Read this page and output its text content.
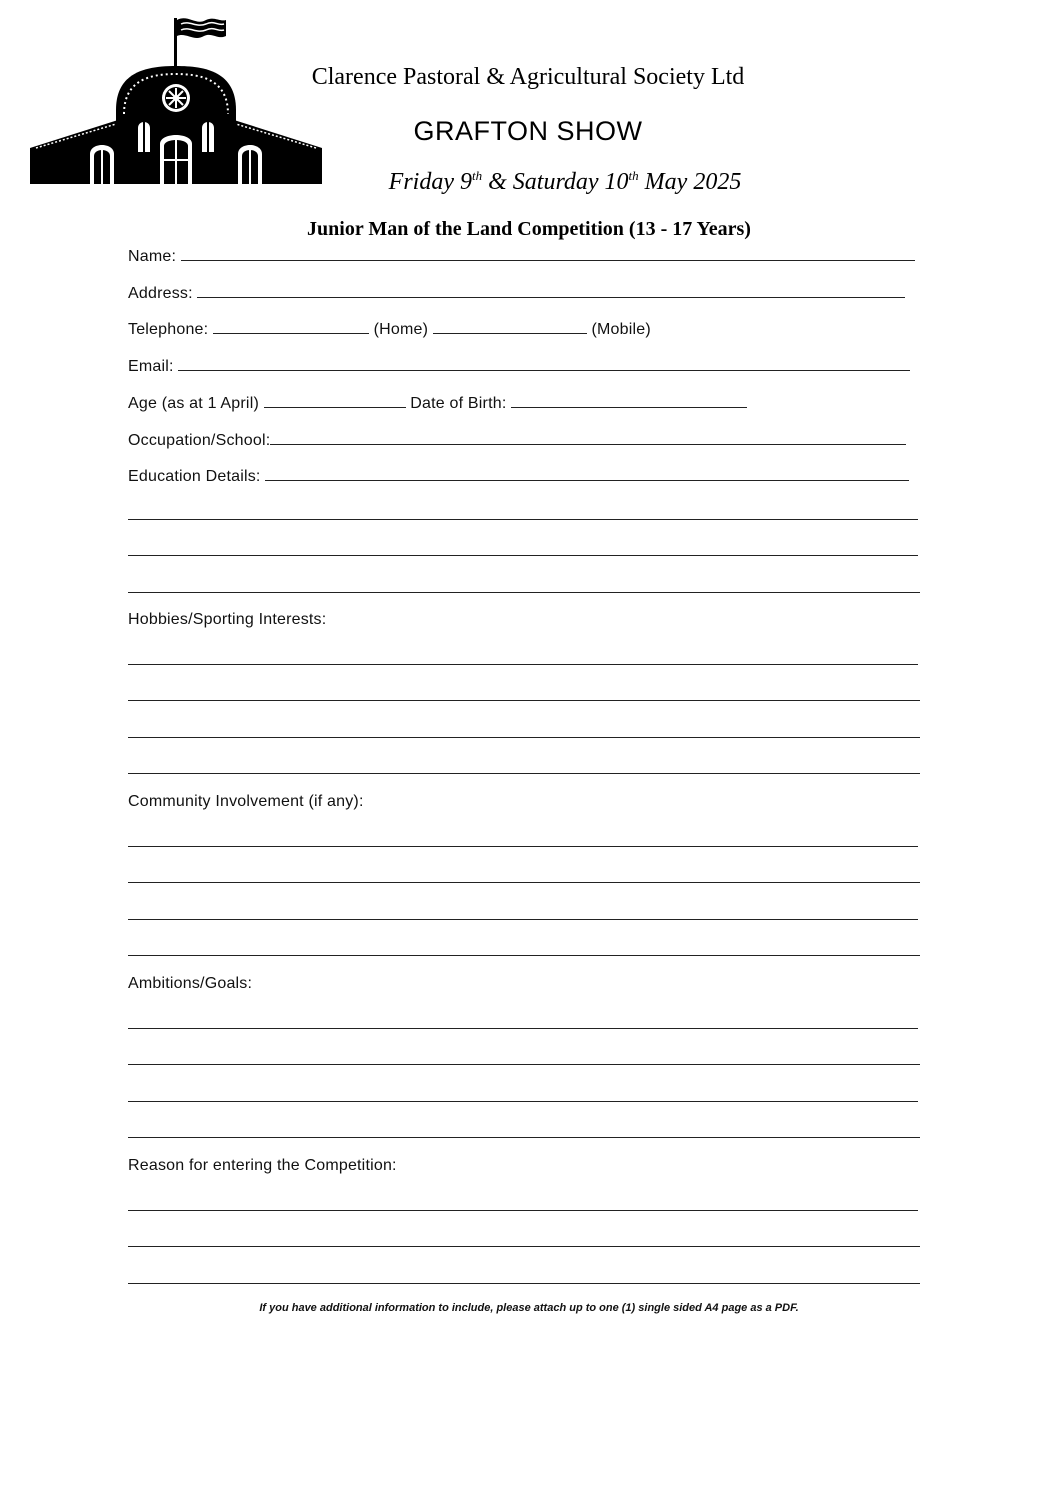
Clarence Pastoral & Agricultural Society Ltd
GRAFTON SHOW
Friday 9th & Saturday 10th May 2025
Junior Man of the Land Competition (13 - 17 Years)
Name:
Address:
Telephone:	(Home)	(Mobile)
Email:
Age (as at 1 April)	Date of Birth:
Occupation/School:
Education Details:
Hobbies/Sporting Interests:
Community Involvement (if any):
Ambitions/Goals:
Reason for entering the Competition:
If you have additional information to include, please attach up to one (1) single sided A4 page as a PDF.
